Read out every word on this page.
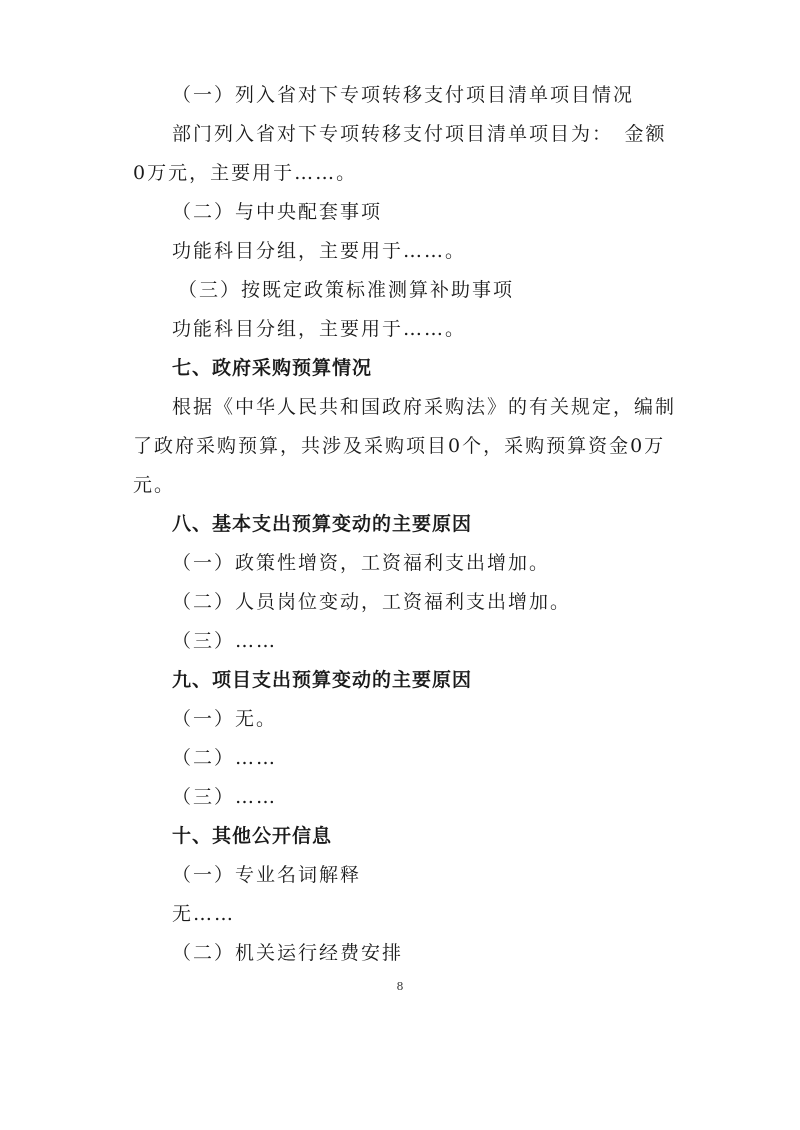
（一）列入省对下专项转移支付项目清单项目情况
部门列入省对下专项转移支付项目清单项目为：　金额
0万元，主要用于……。
（二）与中央配套事项
功能科目分组，主要用于……。
（三）按既定政策标准测算补助事项
功能科目分组，主要用于……。
七、政府采购预算情况
根据《中华人民共和国政府采购法》的有关规定，编制
了政府采购预算，共涉及采购项目0个，采购预算资金0万
元。
八、基本支出预算变动的主要原因
（一）政策性增资，工资福利支出增加。
（二）人员岗位变动，工资福利支出增加。
（三）……
九、项目支出预算变动的主要原因
（一）无。
（二）……
（三）……
十、其他公开信息
（一）专业名词解释
无……
（二）机关运行经费安排
8
